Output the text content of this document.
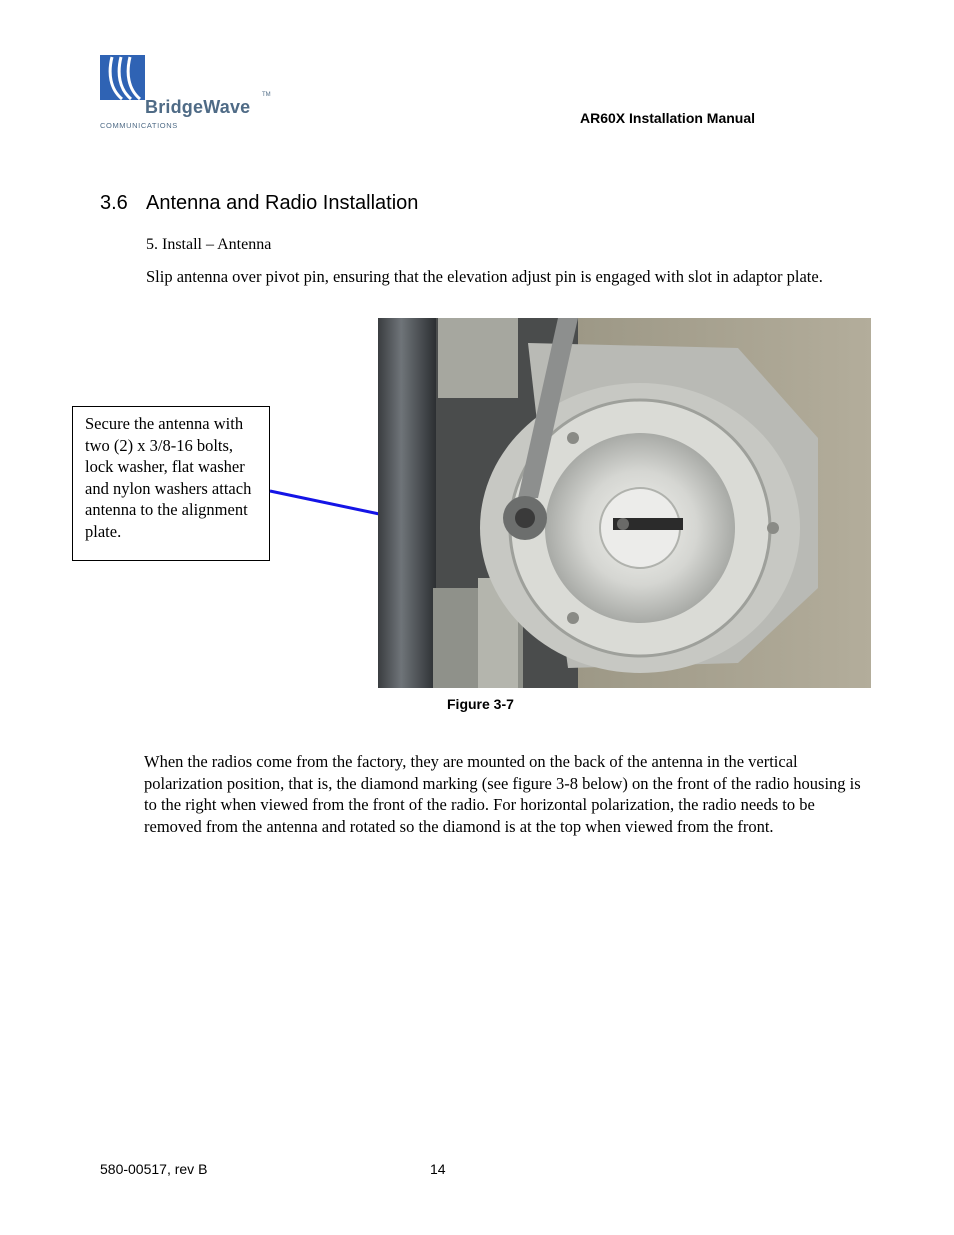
BridgeWave
TM
COMMUNICATIONS	AR60X Installation Manual
3.6 Antenna and Radio Installation
5. Install – Antenna
Slip antenna over pivot pin, ensuring that the elevation adjust pin is engaged with slot in adaptor plate.
Secure the antenna with two (2) x 3/8-16 bolts, lock washer, flat washer and nylon washers attach antenna to the alignment plate.
Figure 3-7
When the radios come from the factory, they are mounted on the back of the antenna in the vertical polarization position, that is, the diamond marking (see figure 3-8 below) on the front of the radio housing is to the right when viewed from the front of the radio. For horizontal polarization, the radio needs to be removed from the antenna and rotated so the diamond is at the top when viewed from the front.
580-00517, rev B	14
